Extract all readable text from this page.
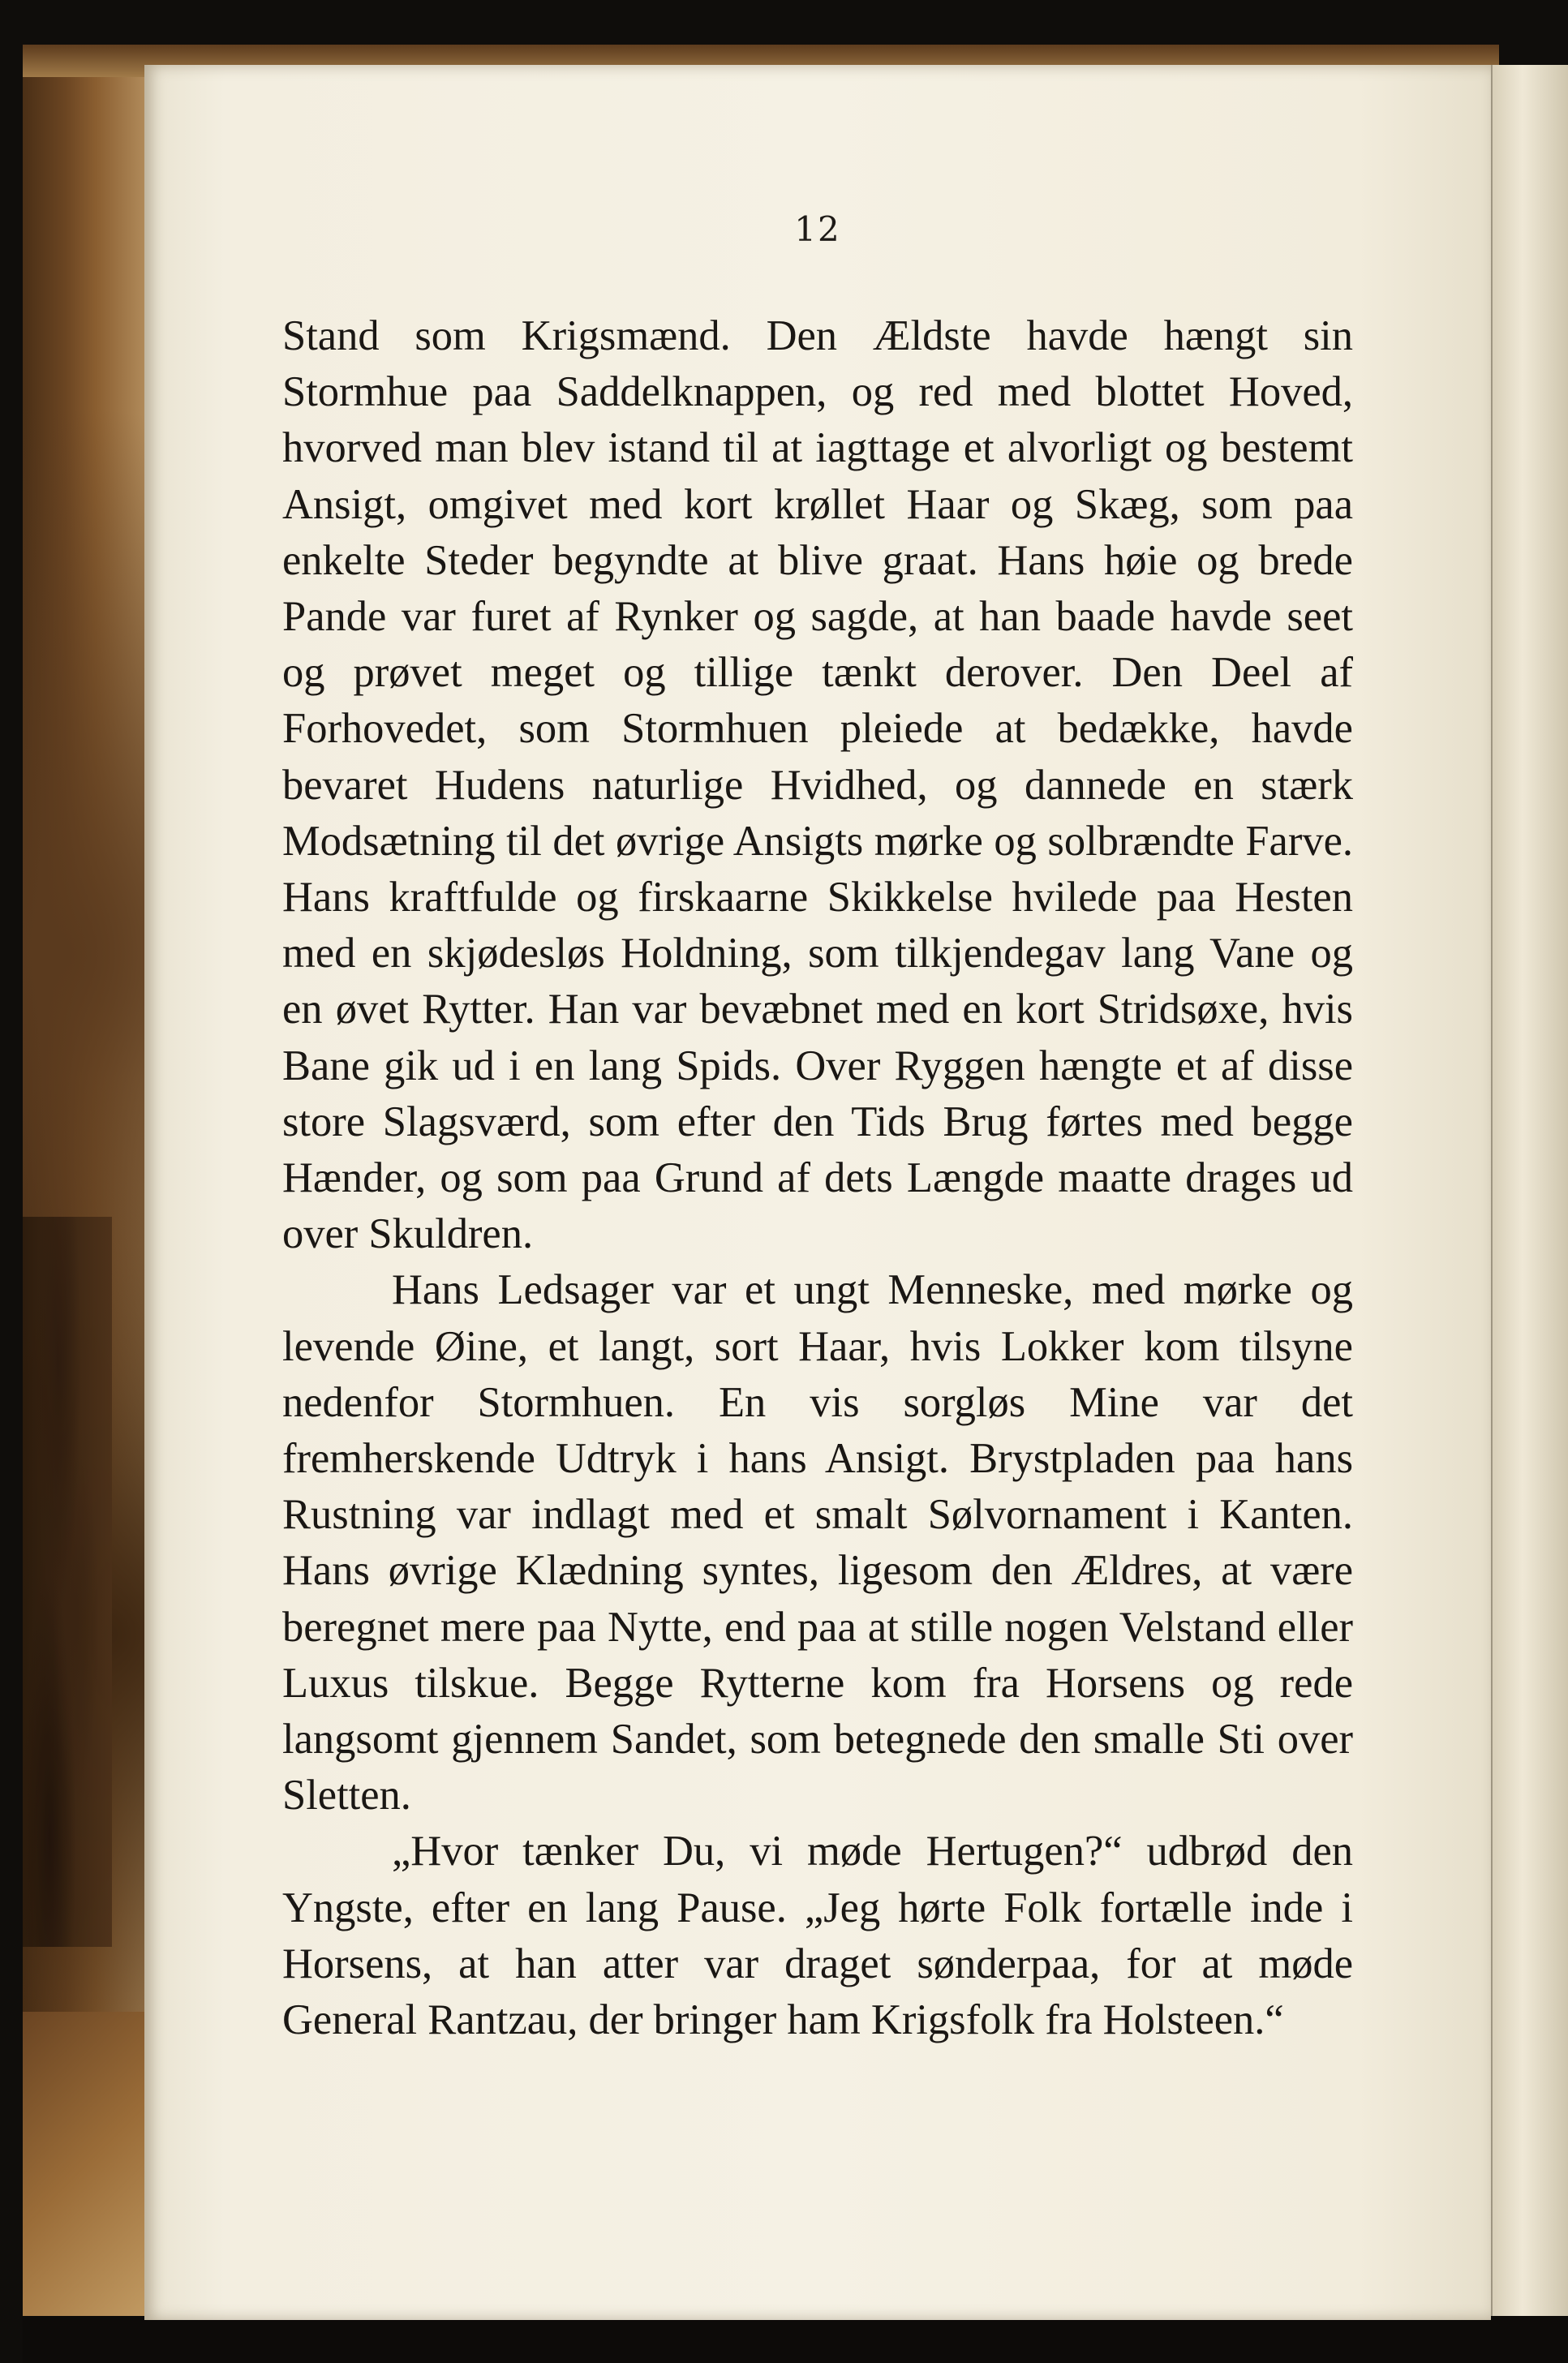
12

Stand som Krigsmænd. Den Ældste havde hængt sin Stormhue paa Saddelknappen, og red med blottet Hoved, hvorved man blev istand til at iagttage et alvorligt og bestemt Ansigt, omgivet med kort krøllet Haar og Skæg, som paa enkelte Steder begyndte at blive graat. Hans høie og brede Pande var furet af Rynker og sagde, at han baade havde seet og prøvet meget og tillige tænkt derover. Den Deel af Forhovedet, som Stormhuen pleiede at bedække, havde bevaret Hudens naturlige Hvidhed, og dannede en stærk Modsætning til det øvrige Ansigts mørke og solbrændte Farve. Hans kraftfulde og firskaarne Skikkelse hvilede paa Hesten med en skjødesløs Holdning, som tilkjendegav lang Vane og en øvet Rytter. Han var bevæbnet med en kort Stridsøxe, hvis Bane gik ud i en lang Spids. Over Ryggen hængte et af disse store Slagsværd, som efter den Tids Brug førtes med begge Hænder, og som paa Grund af dets Længde maatte drages ud over Skuldren.

Hans Ledsager var et ungt Menneske, med mørke og levende Øine, et langt, sort Haar, hvis Lokker kom tilsyne nedenfor Stormhuen. En vis sorgløs Mine var det fremherskende Udtryk i hans Ansigt. Brystpladen paa hans Rustning var indlagt med et smalt Sølvornament i Kanten. Hans øvrige Klædning syntes, ligesom den Ældres, at være beregnet mere paa Nytte, end paa at stille nogen Velstand eller Luxus tilskue. Begge Rytterne kom fra Horsens og rede langsomt gjennem Sandet, som betegnede den smalle Sti over Sletten.

„Hvor tænker Du, vi møde Hertugen?“ udbrød den Yngste, efter en lang Pause. „Jeg hørte Folk fortælle inde i Horsens, at han atter var draget sønderpaa, for at møde General Rantzau, der bringer ham Krigsfolk fra Holsteen.“
